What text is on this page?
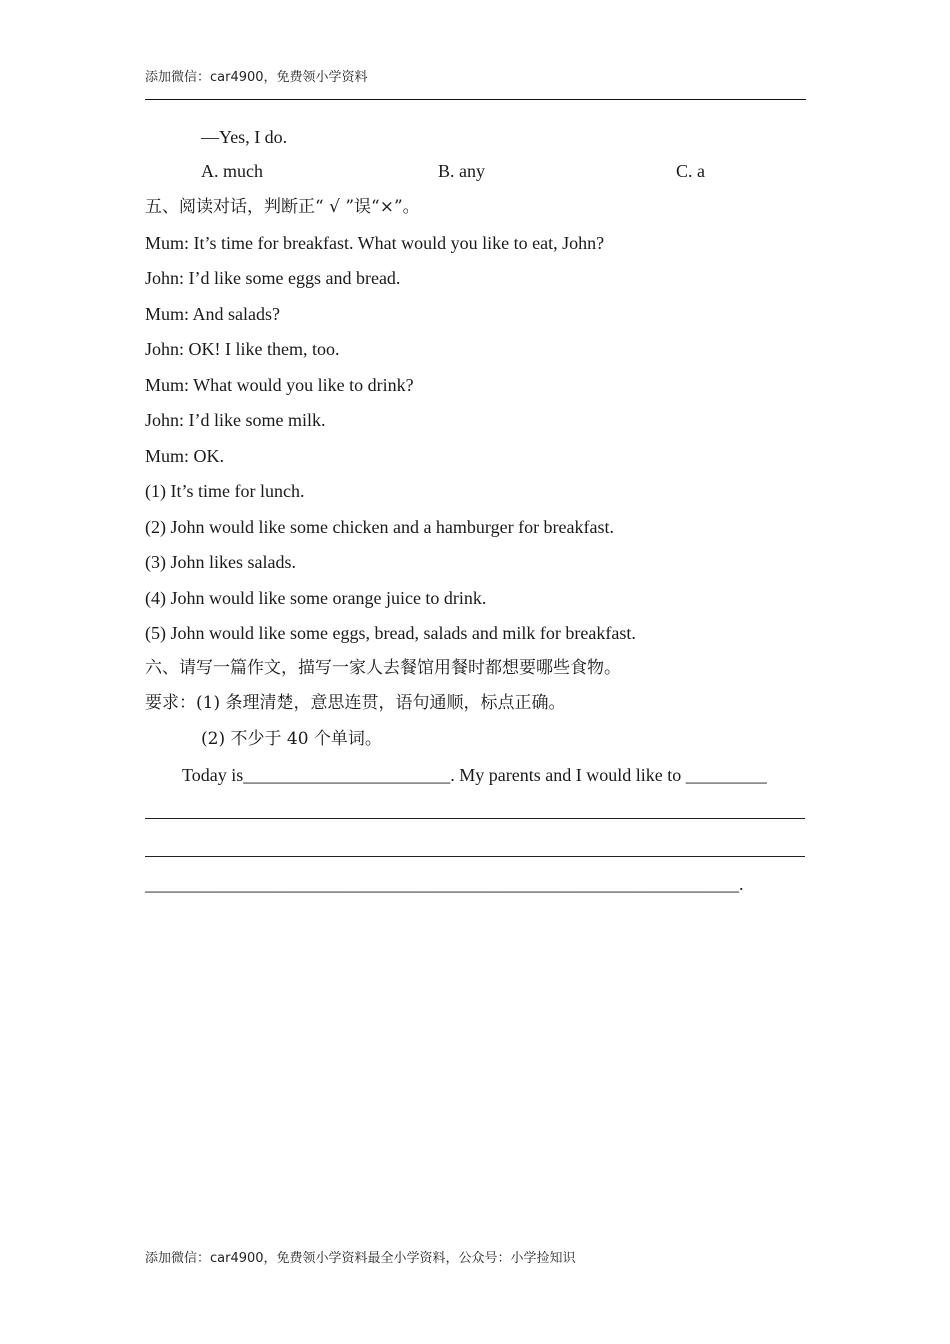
添加微信：car4900，免费领小学资料
—Yes, I do.
A. much	B. any	C. a
五、阅读对话，判断正“ √ ”误“×”。
Mum: It’s time for breakfast. What would you like to eat, John?
John: I’d like some eggs and bread.
Mum: And salads?
John: OK! I like them, too.
Mum: What would you like to drink?
John: I’d like some milk.
Mum: OK.
(1) It’s time for lunch.
(2) John would like some chicken and a hamburger for breakfast.
(3) John likes salads.
(4) John would like some orange juice to drink.
(5) John would like some eggs, bread, salads and milk for breakfast.
六、请写一篇作文，描写一家人去餐馆用餐时都想要哪些食物。
要求：(1) 条理清楚，意思连贯，语句通顺，标点正确。
(2) 不少于 40 个单词。
Today is_______________________. My parents and I would like to _________
__________________________________________________________________.
添加微信：car4900，免费领小学资料最全小学资料，公众号：小学捡知识
